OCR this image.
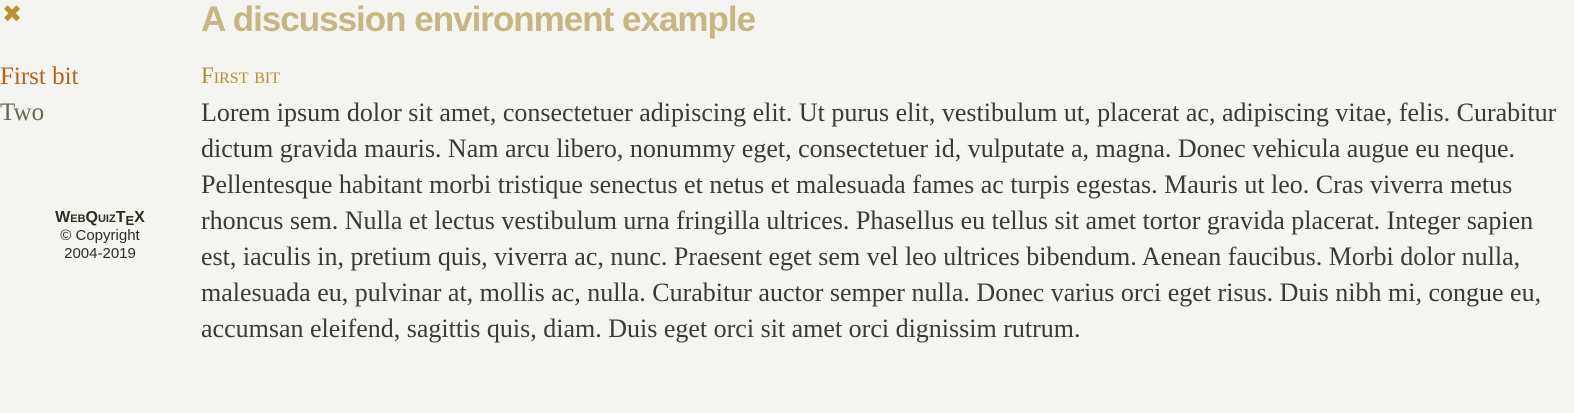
✖
First bit
Two
WebQuizTEX
© Copyright
2004-2019
A discussion environment example
First bit

Lorem ipsum dolor sit amet, consectetuer adipiscing elit. Ut purus elit, vestibulum ut, placerat ac, adipiscing vitae, felis. Curabitur dictum gravida mauris. Nam arcu libero, nonummy eget, consectetuer id, vulputate a, magna. Donec vehicula augue eu neque. Pellentesque habitant morbi tristique senectus et netus et malesuada fames ac turpis egestas. Mauris ut leo. Cras viverra metus rhoncus sem. Nulla et lectus vestibulum urna fringilla ultrices. Phasellus eu tellus sit amet tortor gravida placerat. Integer sapien est, iaculis in, pretium quis, viverra ac, nunc. Praesent eget sem vel leo ultrices bibendum. Aenean faucibus. Morbi dolor nulla, malesuada eu, pulvinar at, mollis ac, nulla. Curabitur auctor semper nulla. Donec varius orci eget risus. Duis nibh mi, congue eu, accumsan eleifend, sagittis quis, diam. Duis eget orci sit amet orci dignissim rutrum.
